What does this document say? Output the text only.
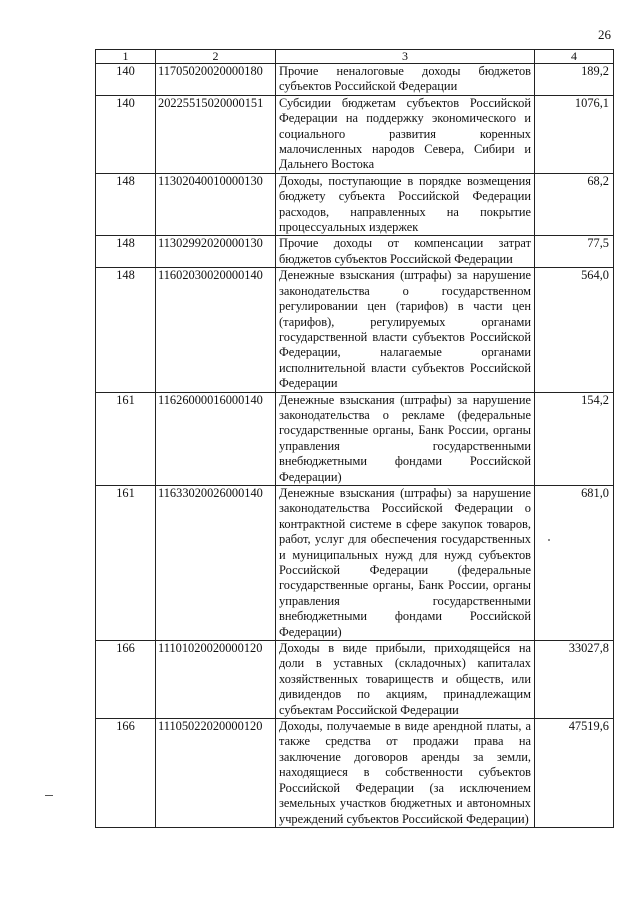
26
1	2	3	4
140	11705020020000180	Прочие неналоговые доходы бюджетов субъектов Российской Федерации	189,2
140	20225515020000151	Субсидии бюджетам субъектов Российской Федерации на поддержку экономического и социального развития коренных малочисленных народов Севера, Сибири и Дальнего Востока	1076,1
148	11302040010000130	Доходы, поступающие в порядке возмещения бюджету субъекта Российской Федерации расходов, направленных на покрытие процессуальных издержек	68,2
148	11302992020000130	Прочие доходы от компенсации затрат бюджетов субъектов Российской Федерации	77,5
148	11602030020000140	Денежные взыскания (штрафы) за нарушение законодательства о государственном регулировании цен (тарифов) в части цен (тарифов), регулируемых органами государственной власти субъектов Российской Федерации, налагаемые органами исполнительной власти субъектов Российской Федерации	564,0
161	11626000016000140	Денежные взыскания (штрафы) за нарушение законодательства о рекламе (федеральные государственные органы, Банк России, органы управления государственными внебюджетными фондами Российской Федерации)	154,2
161	11633020026000140	Денежные взыскания (штрафы) за нарушение законодательства Российской Федерации о контрактной системе в сфере закупок товаров, работ, услуг для обеспечения государственных и муниципальных нужд для нужд субъектов Российской Федерации (федеральные государственные органы, Банк России, органы управления государственными внебюджетными фондами Российской Федерации)	681,0
166	11101020020000120	Доходы в виде прибыли, приходящейся на доли в уставных (складочных) капиталах хозяйственных товариществ и обществ, или дивидендов по акциям, принадлежащим субъектам Российской Федерации	33027,8
166	11105022020000120	Доходы, получаемые в виде арендной платы, а также средства от продажи права на заключение договоров аренды за земли, находящиеся в собственности субъектов Российской Федерации (за исключением земельных участков бюджетных и автономных учреждений субъектов Российской Федерации)	47519,6
